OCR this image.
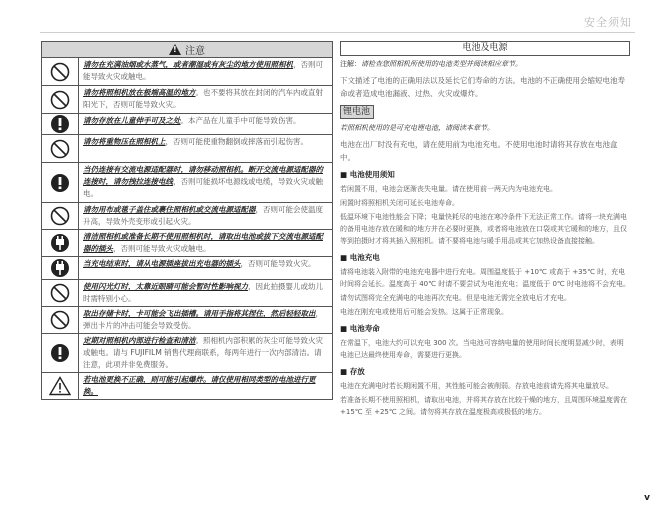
安全须知
!
注意
请勿在充满油烟或水蒸气，或者潮湿或有灰尘的地方使用照相机，否则可能导致火灾或触电。
请勿将照相机放在极端高温的地方。也不要将其放在封闭的汽车内或直射阳光下，否则可能导致火灾。
请勿存放在儿童伸手可及之处。本产品在儿童手中可能导致伤害。
请勿将重物压在照相机上，否则可能使重物翻倒或摔落而引起伤害。
当仍连接有交流电源适配器时，请勿移动照相机。断开交流电源适配器的连接时，请勿拽拉连接电线，否则可能损坏电源线或电缆，导致火灾或触电。
请勿用布或毯子盖住或裹住照相机或交流电源适配器，否则可能会使温度升高，导致外壳变形或引起火灾。
清洁照相机或准备长期不使用照相机时，请取出电池或拔下交流电源适配器的插头，否则可能导致火灾或触电。
当充电结束时，请从电源插座拔出充电器的插头，否则可能导致火灾。
使用闪光灯时，太靠近眼睛可能会暂时性影响视力，因此拍摄婴儿或幼儿时需特别小心。
取出存储卡时，卡可能会飞出插槽。请用手指将其捏住，然后轻轻取出，弹出卡片的冲击可能会导致受伤。
定期对照相机内部进行检查和清洁。照相机内部积累的灰尘可能导致火灾或触电。请与 FUJIFILM 销售代理商联系，每两年进行一次内部清洁。请注意，此项并非免费服务。
若电池更换不正确，则可能引起爆炸。请仅使用相同类型的电池进行更换。
电池及电源
注解：请检查您照相机所使用的电池类型并阅读相应章节。
下文描述了电池的正确用法以及延长它们寿命的方法。电池的不正确使用会缩短电池寿命或者造成电池漏液、过热、火灾或爆炸。
锂电池
若照相机使用的是可充电锂电池，请阅读本章节。
电池在出厂时没有充电，请在使用前为电池充电。不使用电池时请将其存放在电池盒中。
■ 电池使用须知
若闲置不用，电池会逐渐丧失电量。请在使用前一两天内为电池充电。
闲置时将照相机关闭可延长电池寿命。
低温环境下电池性能会下降；电量快耗尽的电池在寒冷条件下无法正常工作。请将一块充满电的备用电池存放在暖和的地方并在必要时更换，或者将电池放在口袋或其它暖和的地方，且仅等到拍摄时才将其插入照相机。请不要将电池与暖手用品或其它加热设备直接接触。
■ 电池充电
请将电池装入附带的电池充电器中进行充电。周围温度低于 +10℃ 或高于 +35℃ 时，充电时间将会延长。温度高于 40℃ 时请不要尝试为电池充电；温度低于 0℃ 时电池将不会充电。
请勿试图将完全充满电的电池再次充电。但是电池无需完全放电后才充电。
电池在刚充电或使用后可能会发热。这属于正常现象。
■ 电池寿命
在常温下，电池大约可以充电 300 次。当电池可容纳电量的使用时间长度明显减少时，表明电池已达最终使用寿命，需要进行更换。
■ 存放
电池在充满电时若长期闲置不用，其性能可能会被削弱。存放电池前请先将其电量放尽。
若准备长期不使用照相机，请取出电池，并将其存放在比较干燥的地方，且周围环境温度需在 +15℃ 至 +25℃ 之间。请勿将其存放在温度极高或极低的地方。
v
